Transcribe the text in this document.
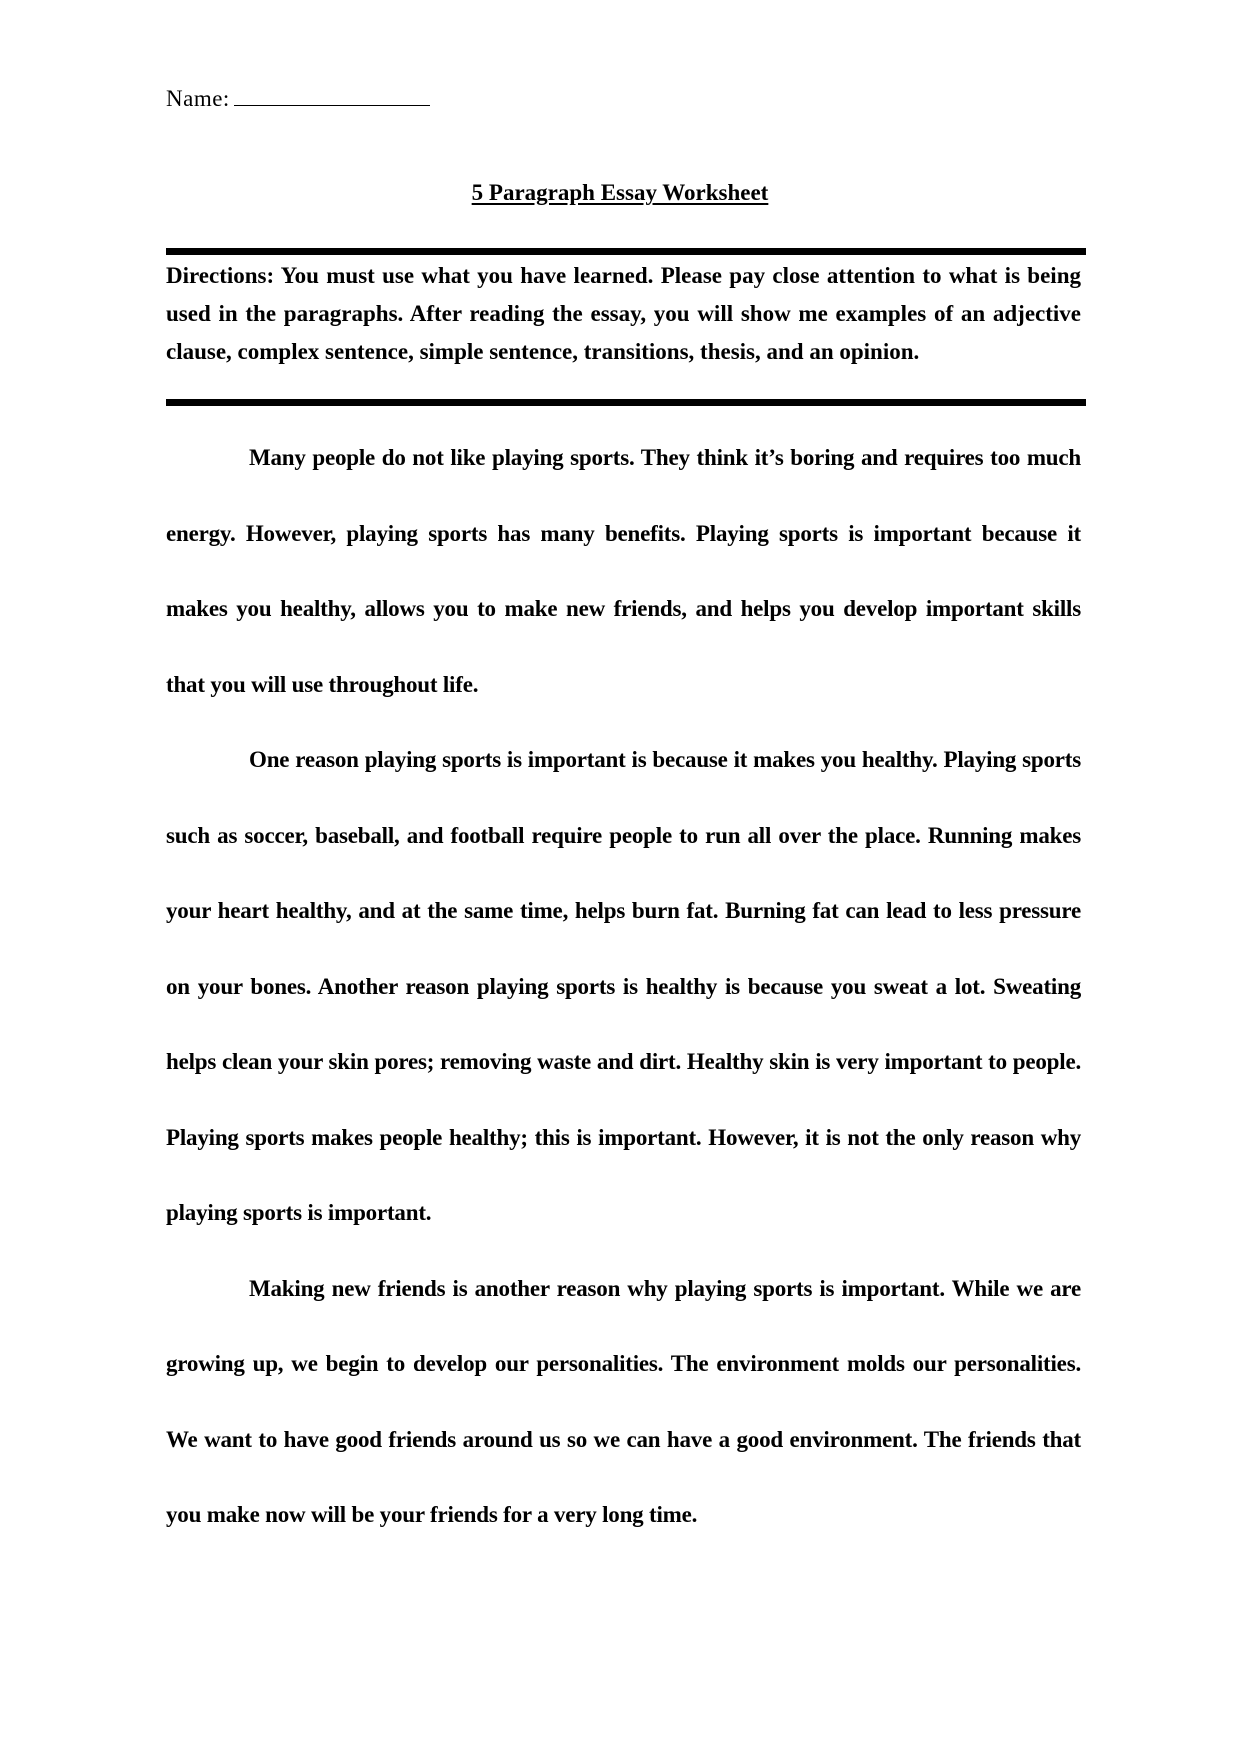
Name:
5 Paragraph Essay Worksheet
Directions: You must use what you have learned. Please pay close attention to what is being used in the paragraphs. After reading the essay, you will show me examples of an adjective clause, complex sentence, simple sentence, transitions, thesis, and an opinion.

Many people do not like playing sports. They think it’s boring and requires too much energy. However, playing sports has many benefits. Playing sports is important because it makes you healthy, allows you to make new friends, and helps you develop important skills that you will use throughout life.

One reason playing sports is important is because it makes you healthy. Playing sports such as soccer, baseball, and football require people to run all over the place. Running makes your heart healthy, and at the same time, helps burn fat. Burning fat can lead to less pressure on your bones. Another reason playing sports is healthy is because you sweat a lot. Sweating helps clean your skin pores; removing waste and dirt. Healthy skin is very important to people. Playing sports makes people healthy; this is important. However, it is not the only reason why playing sports is important.

Making new friends is another reason why playing sports is important. While we are growing up, we begin to develop our personalities. The environment molds our personalities. We want to have good friends around us so we can have a good environment. The friends that you make now will be your friends for a very long time.
